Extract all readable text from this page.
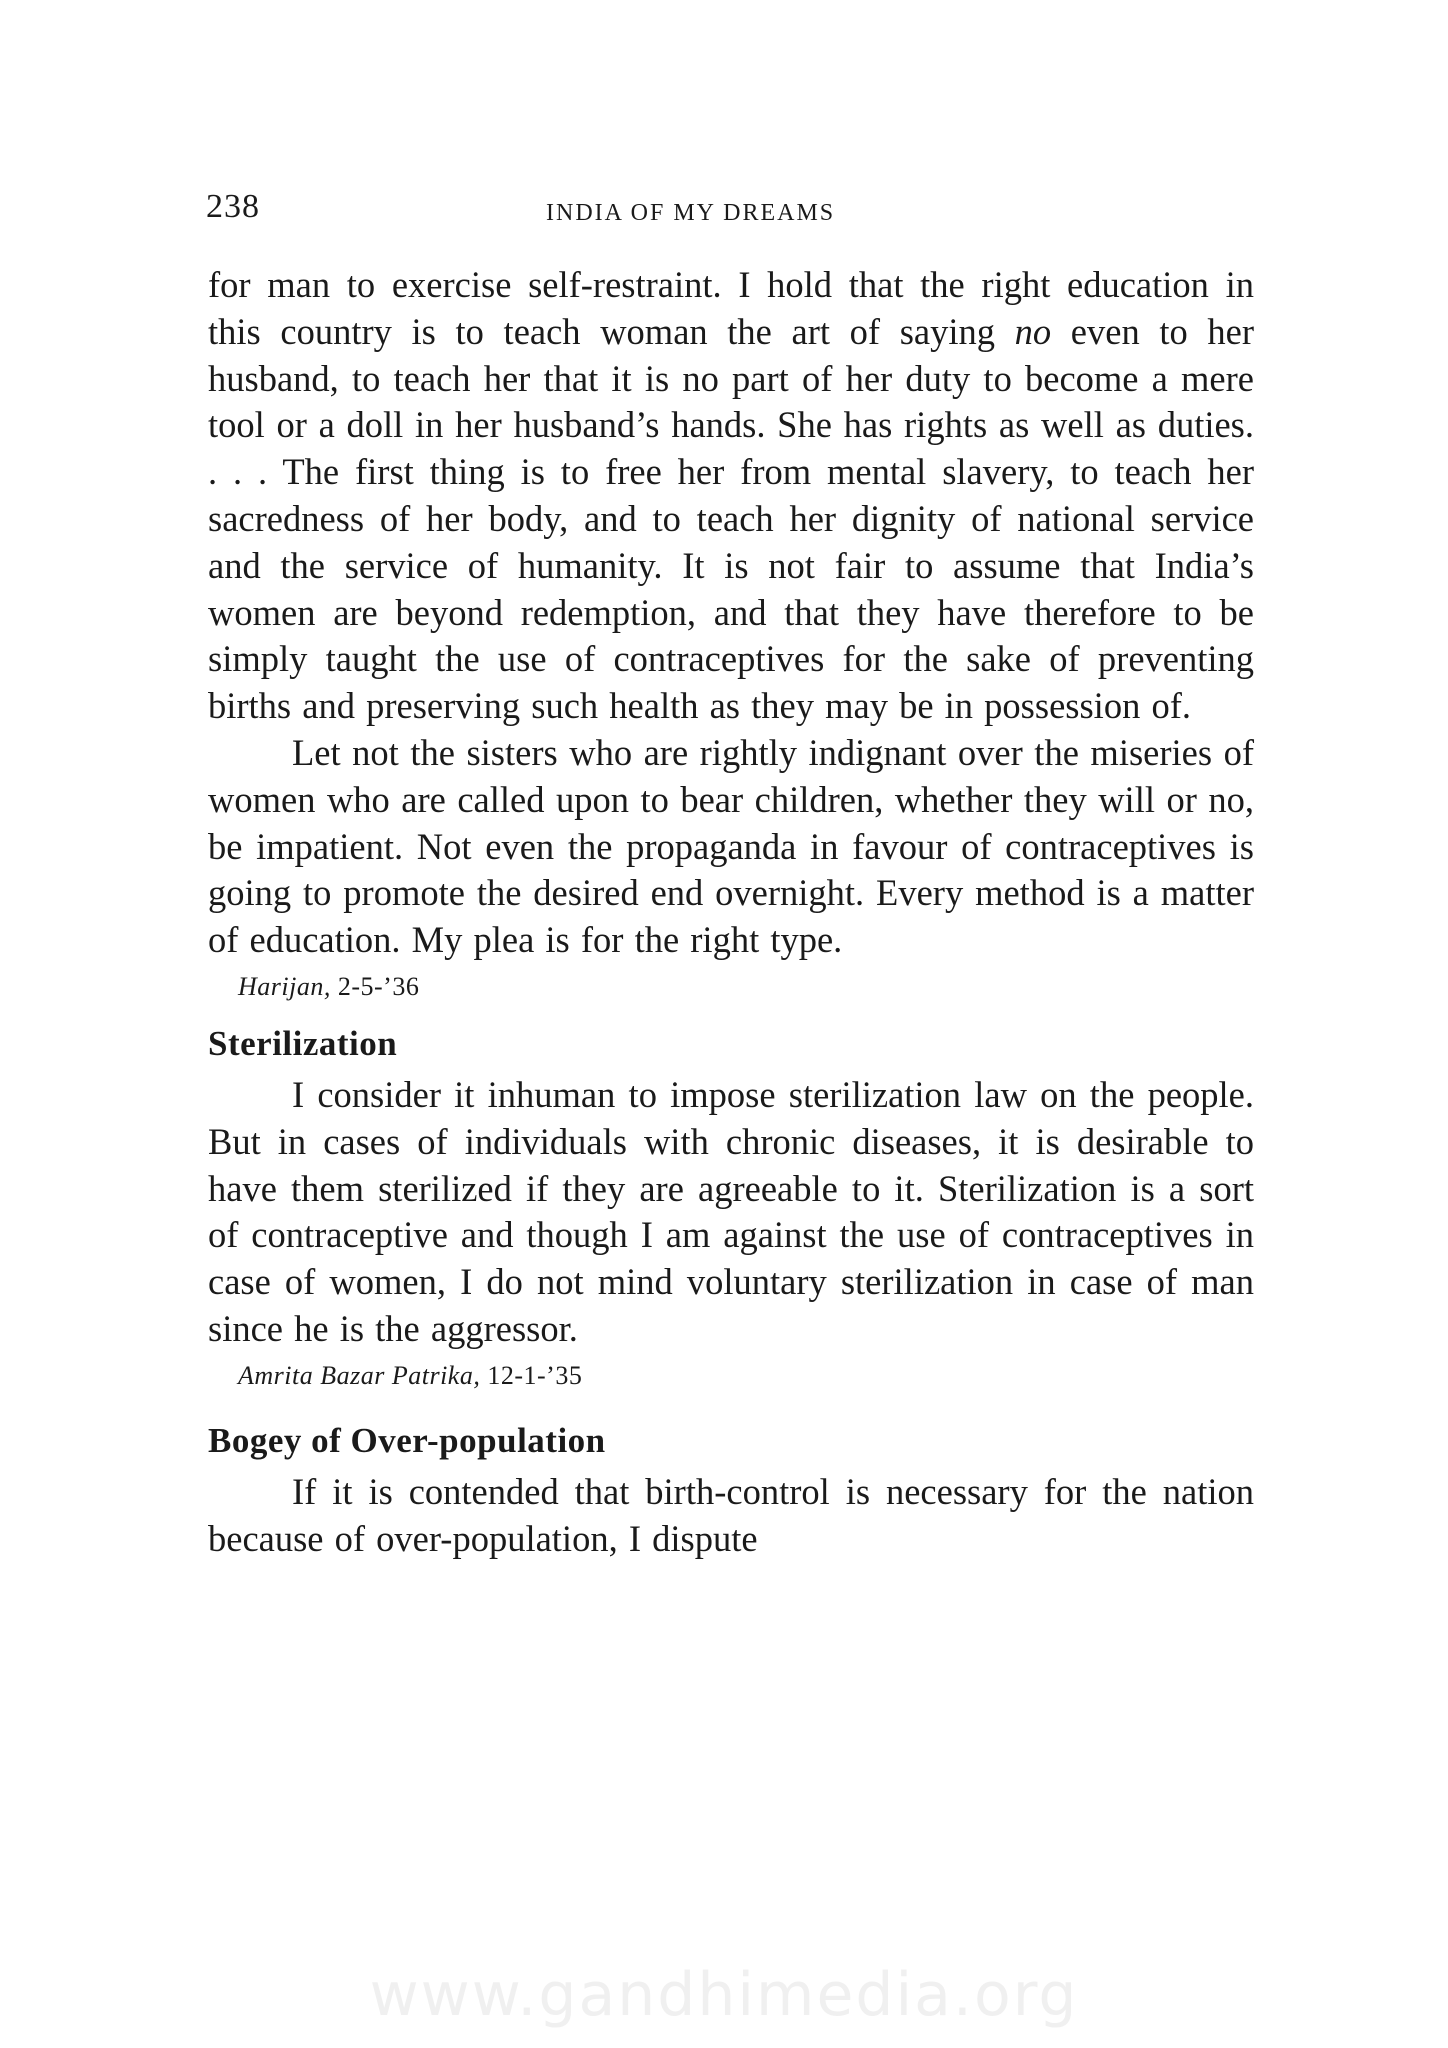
238	INDIA OF MY DREAMS

for man to exercise self-restraint. I hold that the right education in this country is to teach woman the art of saying no even to her husband, to teach her that it is no part of her duty to become a mere tool or a doll in her husband’s hands. She has rights as well as duties. . . . The first thing is to free her from mental slavery, to teach her sacredness of her body, and to teach her dignity of national service and the service of humanity. It is not fair to assume that India’s women are beyond redemption, and that they have therefore to be simply taught the use of contraceptives for the sake of preventing births and preserving such health as they may be in possession of.

Let not the sisters who are rightly indignant over the miseries of women who are called upon to bear children, whether they will or no, be impatient. Not even the propaganda in favour of contraceptives is going to promote the desired end overnight. Every method is a matter of education. My plea is for the right type.

Harijan, 2-5-’36
Sterilization

I consider it inhuman to impose sterilization law on the people. But in cases of individuals with chronic diseases, it is desirable to have them sterilized if they are agreeable to it. Sterilization is a sort of contraceptive and though I am against the use of contraceptives in case of women, I do not mind voluntary sterilization in case of man since he is the aggressor.

Amrita Bazar Patrika, 12-1-’35
Bogey of Over-population

If it is contended that birth-control is necessary for the nation because of over-population, I dispute

www.gandhimedia.org
